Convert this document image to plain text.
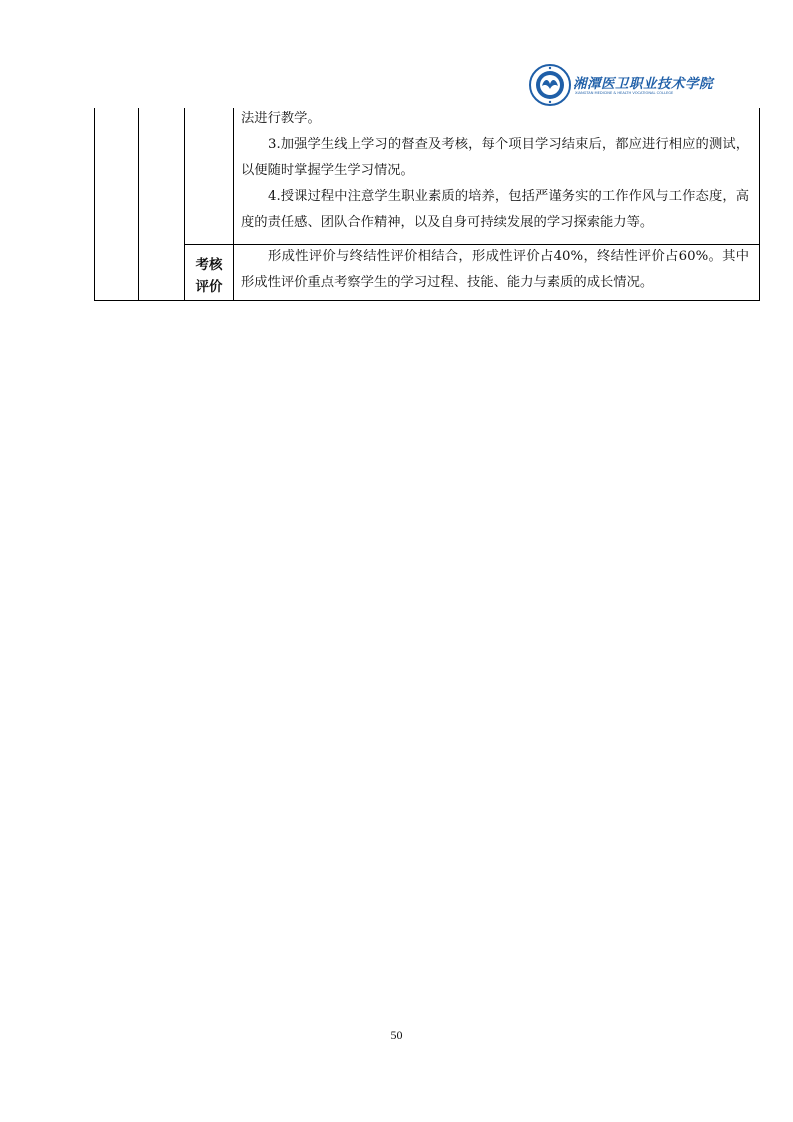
湘潭医卫职业技术学院
XIANGTAN MEDICINE & HEALTH VOCATIONAL COLLEGE

法进行教学。

3.加强学生线上学习的督查及考核，每个项目学习结束后，都应进行相应的测试，以便随时掌握学生学习情况。

4.授课过程中注意学生职业素质的培养，包括严谨务实的工作作风与工作态度，高度的责任感、团队合作精神，以及自身可持续发展的学习探索能力等。

考核
评价

形成性评价与终结性评价相结合，形成性评价占40%，终结性评价占60%。其中形成性评价重点考察学生的学习过程、技能、能力与素质的成长情况。

50
